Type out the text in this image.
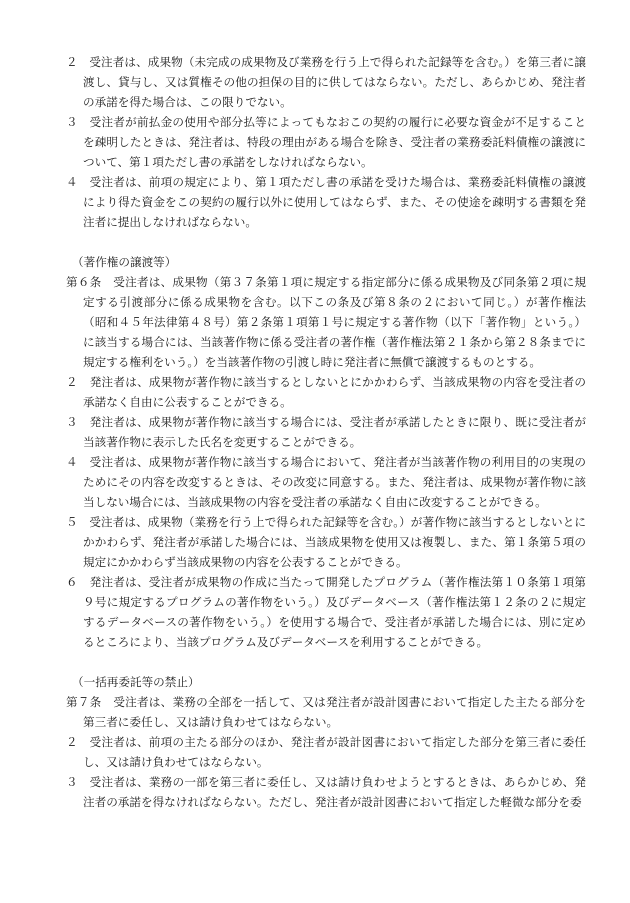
２　受注者は、成果物（未完成の成果物及び業務を行う上で得られた記録等を含む。）を第三者に譲渡し、貸与し、又は質権その他の担保の目的に供してはならない。ただし、あらかじめ、発注者の承諾を得た場合は、この限りでない。

３　受注者が前払金の使用や部分払等によってもなおこの契約の履行に必要な資金が不足することを疎明したときは、発注者は、特段の理由がある場合を除き、受注者の業務委託料債権の譲渡について、第１項ただし書の承諾をしなければならない。

４　受注者は、前項の規定により、第１項ただし書の承諾を受けた場合は、業務委託料債権の譲渡により得た資金をこの契約の履行以外に使用してはならず、また、その使途を疎明する書類を発注者に提出しなければならない。

（著作権の譲渡等）

第６条　受注者は、成果物（第３７条第１項に規定する指定部分に係る成果物及び同条第２項に規定する引渡部分に係る成果物を含む。以下この条及び第８条の２において同じ。）が著作権法（昭和４５年法律第４８号）第２条第１項第１号に規定する著作物（以下「著作物」という。）に該当する場合には、当該著作物に係る受注者の著作権（著作権法第２１条から第２８条までに規定する権利をいう。）を当該著作物の引渡し時に発注者に無償で譲渡するものとする。

２　発注者は、成果物が著作物に該当するとしないとにかかわらず、当該成果物の内容を受注者の承諾なく自由に公表することができる。

３　発注者は、成果物が著作物に該当する場合には、受注者が承諾したときに限り、既に受注者が当該著作物に表示した氏名を変更することができる。

４　受注者は、成果物が著作物に該当する場合において、発注者が当該著作物の利用目的の実現のためにその内容を改変するときは、その改変に同意する。また、発注者は、成果物が著作物に該当しない場合には、当該成果物の内容を受注者の承諾なく自由に改変することができる。

５　受注者は、成果物（業務を行う上で得られた記録等を含む。）が著作物に該当するとしないとにかかわらず、発注者が承諾した場合には、当該成果物を使用又は複製し、また、第１条第５項の規定にかかわらず当該成果物の内容を公表することができる。

６　発注者は、受注者が成果物の作成に当たって開発したプログラム（著作権法第１０条第１項第９号に規定するプログラムの著作物をいう。）及びデータベース（著作権法第１２条の２に規定するデータベースの著作物をいう。）を使用する場合で、受注者が承諾した場合には、別に定めるところにより、当該プログラム及びデータベースを利用することができる。

（一括再委託等の禁止）

第７条　受注者は、業務の全部を一括して、又は発注者が設計図書において指定した主たる部分を第三者に委任し、又は請け負わせてはならない。

２　受注者は、前項の主たる部分のほか、発注者が設計図書において指定した部分を第三者に委任し、又は請け負わせてはならない。

３　受注者は、業務の一部を第三者に委任し、又は請け負わせようとするときは、あらかじめ、発注者の承諾を得なければならない。ただし、発注者が設計図書において指定した軽微な部分を委
